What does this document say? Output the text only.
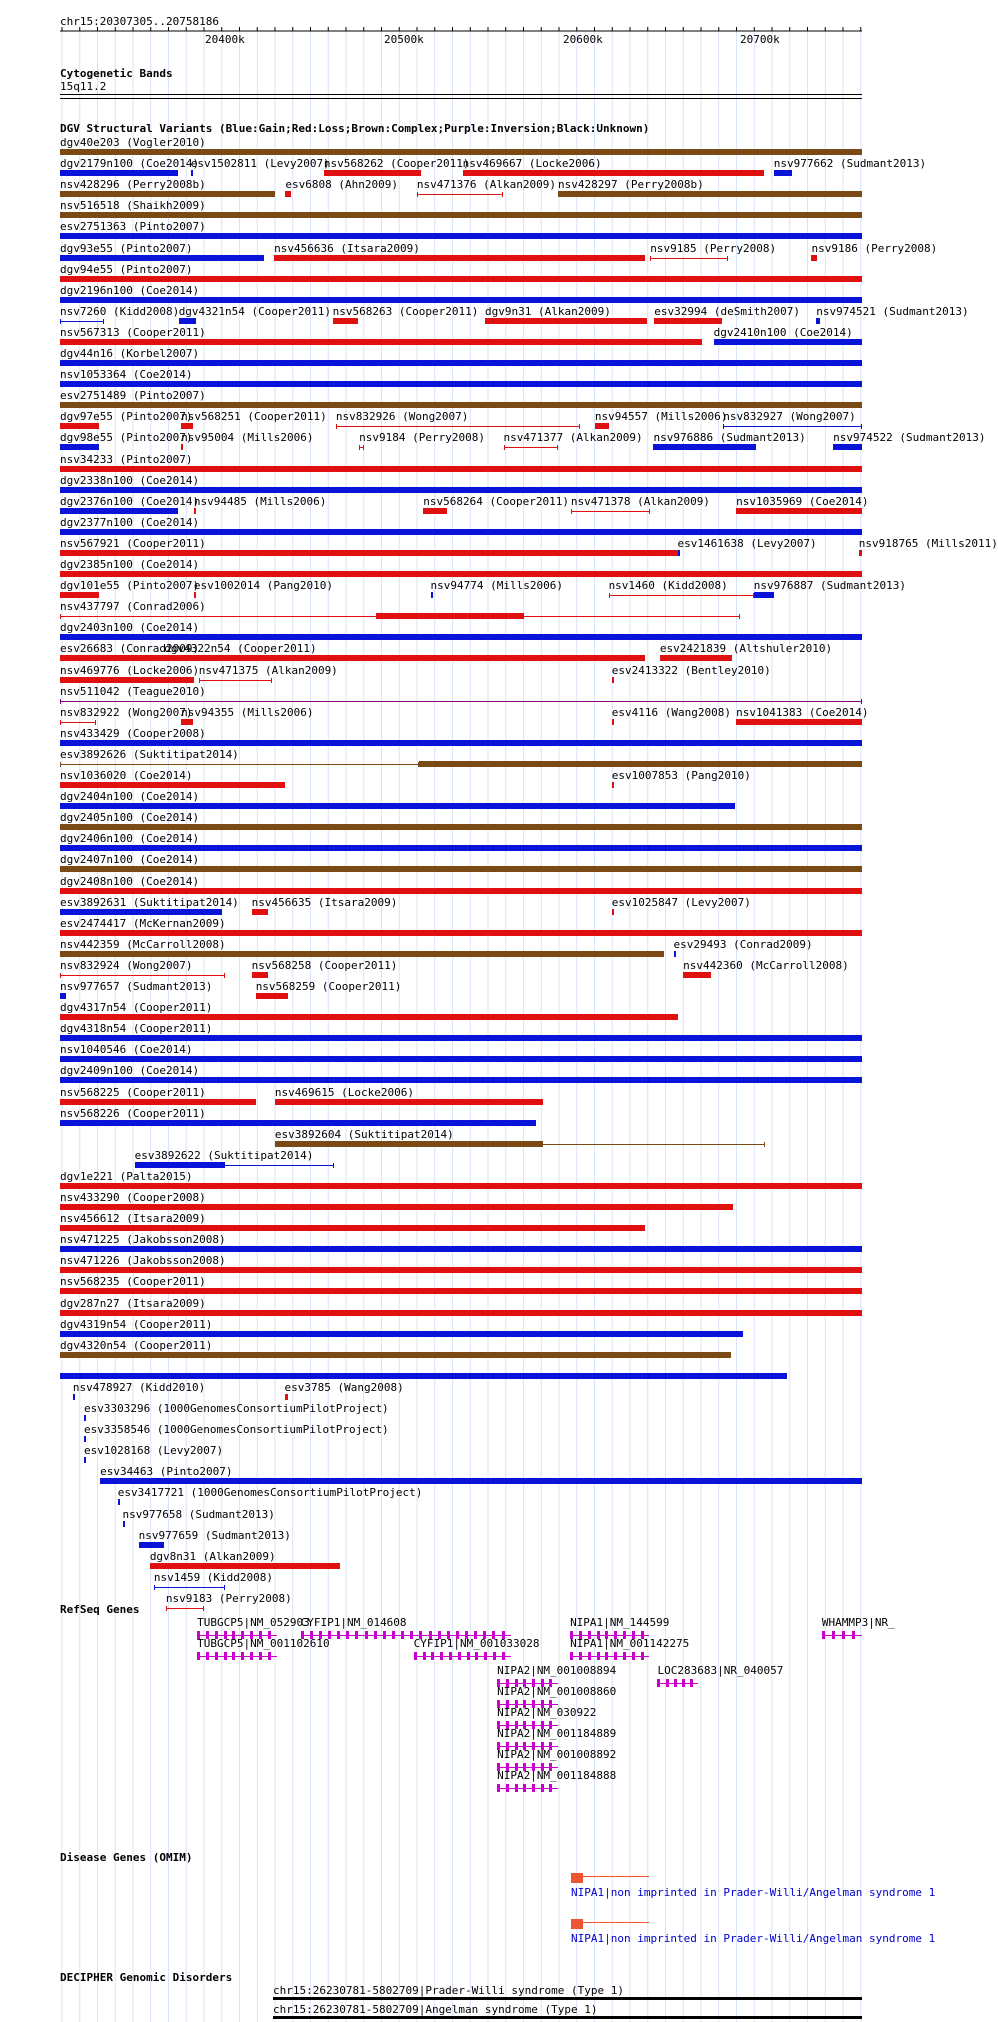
chr15:20307305..20758186
20400k	20500k	20600k	20700k
Cytogenetic Bands
15q11.2
DGV Structural Variants (Blue:Gain;Red:Loss;Brown:Complex;Purple:Inversion;Black:Unknown)
dgv40e203 (Vogler2010)
dgv2179n100 (Coe2014)
esv1502811 (Levy2007)
nsv568262 (Cooper2011)
nsv469667 (Locke2006)	nsv977662 (Sudmant2013)
nsv428296 (Perry2008b)	esv6808 (Ahn2009) nsv471376 (Alkan2009) nsv428297 (Perry2008b)
nsv516518 (Shaikh2009)
esv2751363 (Pinto2007)
dgv93e55 (Pinto2007)	nsv456636 (Itsara2009)	nsv9185 (Perry2008)	nsv9186 (Perry2008)
dgv94e55 (Pinto2007)
dgv2196n100 (Coe2014)
nsv7260 (Kidd2008) dgv4321n54 (Cooper2011) nsv568263 (Cooper2011) dgv9n31 (Alkan2009)	esv32994 (deSmith2007) nsv974521 (Sudmant2013)
nsv567313 (Cooper2011)	dgv2410n100 (Coe2014)
dgv44n16 (Korbel2007)
nsv1053364 (Coe2014)
esv2751489 (Pinto2007)
dgv97e55 (Pinto2007)
nsv568251 (Cooper2011) nsv832926 (Wong2007)	nsv94557 (Mills2006)
nsv832927 (Wong2007)
dgv98e55 (Pinto2007)
nsv95004 (Mills2006)	nsv9184 (Perry2008) nsv471377 (Alkan2009) nsv976886 (Sudmant2013) nsv974522 (Sudmant2013)
nsv34233 (Pinto2007)
dgv2338n100 (Coe2014)
dgv2376n100 (Coe2014)
nsv94485 (Mills2006)	nsv568264 (Cooper2011) nsv471378 (Alkan2009) nsv1035969 (Coe2014)
dgv2377n100 (Coe2014)
nsv567921 (Cooper2011)	esv1461638 (Levy2007)	nsv918765 (Mills2011)
dgv2385n100 (Coe2014)
dgv101e55 (Pinto2007)
esv1002014 (Pang2010)	nsv94774 (Mills2006)	nsv1460 (Kidd2008) nsv976887 (Sudmant2013)
nsv437797 (Conrad2006)
dgv2403n100 (Coe2014)
esv26683 (Conrad2009)
dgv4322n54 (Cooper2011)	esv2421839 (Altshuler2010)
nsv469776 (Locke2006) nsv471375 (Alkan2009)	esv2413322 (Bentley2010)
nsv511042 (Teague2010)
nsv832922 (Wong2007)
nsv94355 (Mills2006)	esv4116 (Wang2008) nsv1041383 (Coe2014)
nsv433429 (Cooper2008)
esv3892626 (Suktitipat2014)
nsv1036020 (Coe2014)	esv1007853 (Pang2010)
dgv2404n100 (Coe2014)
dgv2405n100 (Coe2014)
dgv2406n100 (Coe2014)
dgv2407n100 (Coe2014)
dgv2408n100 (Coe2014)
esv3892631 (Suktitipat2014) nsv456635 (Itsara2009)	esv1025847 (Levy2007)
esv2474417 (McKernan2009)
nsv442359 (McCarroll2008)	esv29493 (Conrad2009)
nsv832924 (Wong2007)	nsv568258 (Cooper2011)	nsv442360 (McCarroll2008)
nsv977657 (Sudmant2013)	nsv568259 (Cooper2011)
dgv4317n54 (Cooper2011)
dgv4318n54 (Cooper2011)
nsv1040546 (Coe2014)
dgv2409n100 (Coe2014)
nsv568225 (Cooper2011)	nsv469615 (Locke2006)
nsv568226 (Cooper2011)
esv3892604 (Suktitipat2014)
esv3892622 (Suktitipat2014)
dgv1e221 (Palta2015)
nsv433290 (Cooper2008)
nsv456612 (Itsara2009)
nsv471225 (Jakobsson2008)
nsv471226 (Jakobsson2008)
nsv568235 (Cooper2011)
dgv287n27 (Itsara2009)
dgv4319n54 (Cooper2011)
dgv4320n54 (Cooper2011)
nsv478927 (Kidd2010)	esv3785 (Wang2008)
esv3303296 (1000GenomesConsortiumPilotProject)
esv3358546 (1000GenomesConsortiumPilotProject)
esv1028168 (Levy2007)
esv34463 (Pinto2007)
esv3417721 (1000GenomesConsortiumPilotProject)
nsv977658 (Sudmant2013)
nsv977659 (Sudmant2013)
dgv8n31 (Alkan2009)
nsv1459 (Kidd2008)
nsv9183 (Perry2008)
RefSeq Genes
TUBGCP5|NM_052903
CYFIP1|NM_014608	NIPA1|NM_144599	WHAMMP3|NR_
TUBGCP5|NM_001102610	CYFIP1|NM_001033028	NIPA1|NM_001142275
NIPA2|NM_001008894	LOC283683|NR_040057
NIPA2|NM_001008860
NIPA2|NM_030922
NIPA2|NM_001184889
NIPA2|NM_001008892
NIPA2|NM_001184888
Disease Genes (OMIM)
NIPA1|non imprinted in Prader-Willi/Angelman syndrome 1
NIPA1|non imprinted in Prader-Willi/Angelman syndrome 1
DECIPHER Genomic Disorders
chr15:26230781-5802709|Prader-Willi syndrome (Type 1)
chr15:26230781-5802709|Angelman syndrome (Type 1)
